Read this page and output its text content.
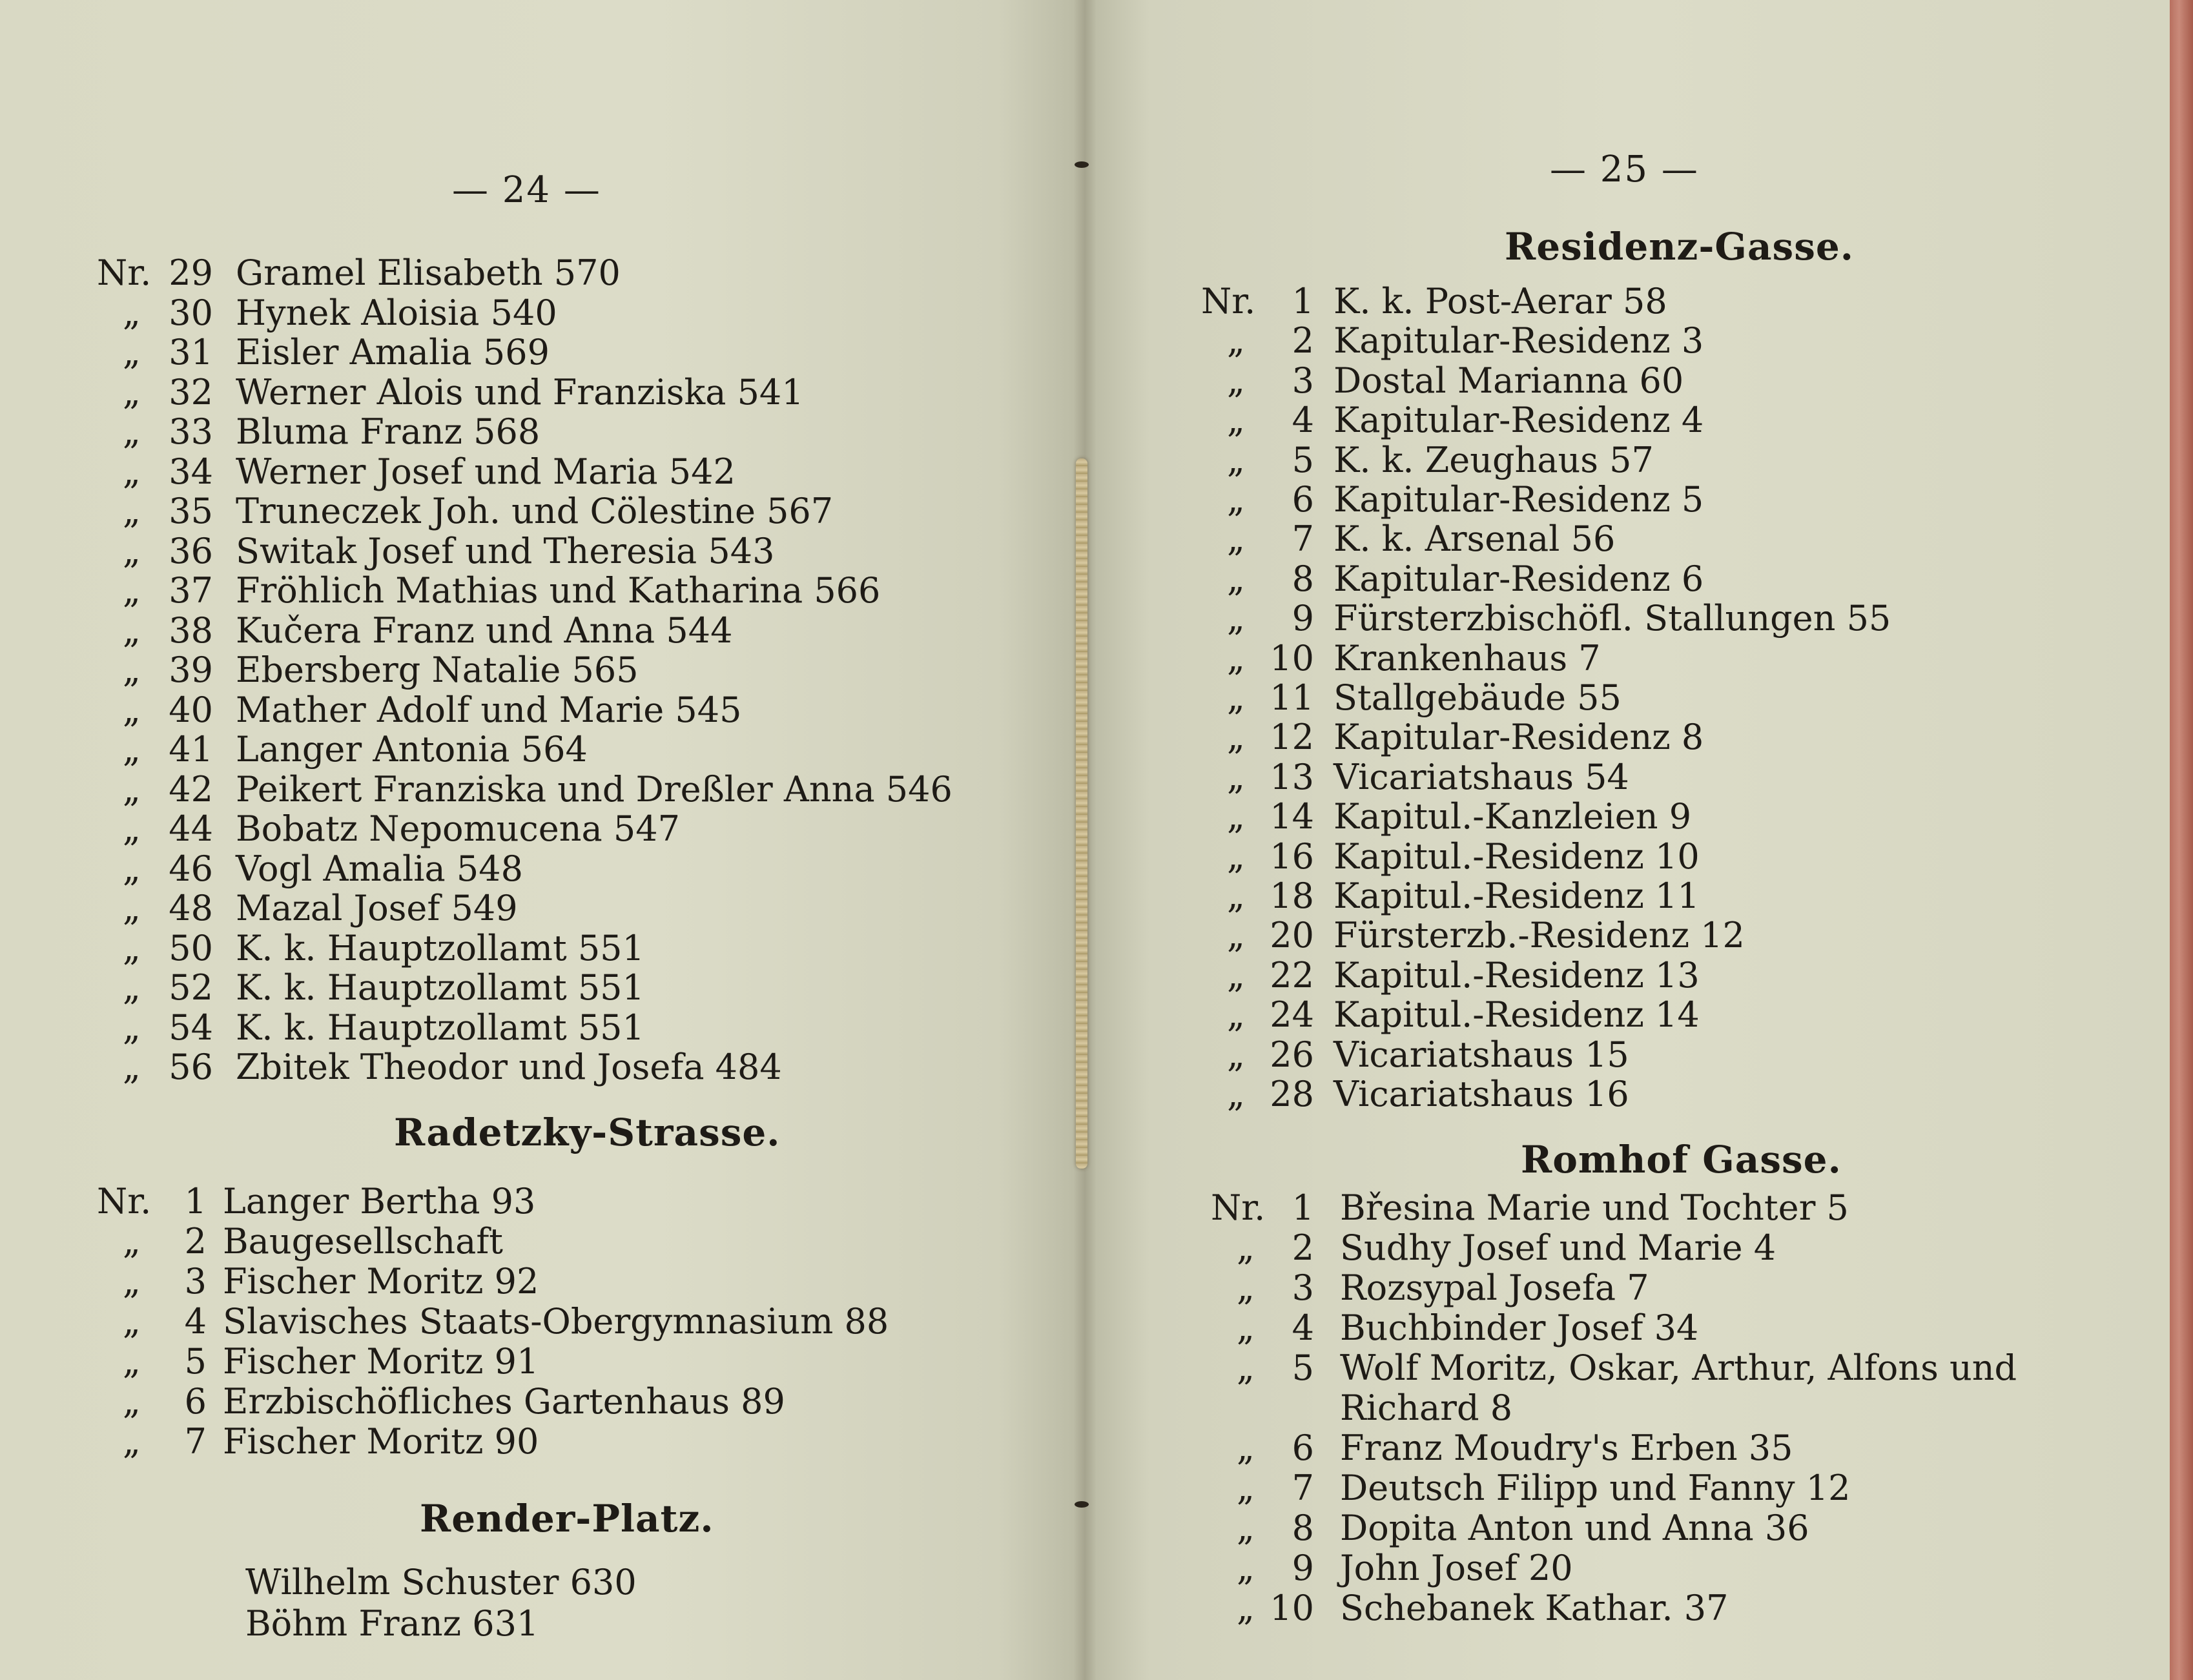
— 24 —
Nr. 29 Gramel Elisabeth 570
„ 30 Hynek Aloisia 540
„ 31 Eisler Amalia 569
„ 32 Werner Alois und Franziska 541
„ 33 Bluma Franz 568
„ 34 Werner Josef und Maria 542
„ 35 Truneczek Joh. und Cölestine 567
„ 36 Switak Josef und Theresia 543
„ 37 Fröhlich Mathias und Katharina 566
„ 38 Kučera Franz und Anna 544
„ 39 Ebersberg Natalie 565
„ 40 Mather Adolf und Marie 545
„ 41 Langer Antonia 564
„ 42 Peikert Franziska und Dreßler Anna 546
„ 44 Bobatz Nepomucena 547
„ 46 Vogl Amalia 548
„ 48 Mazal Josef 549
„ 50 K. k. Hauptzollamt 551
„ 52 K. k. Hauptzollamt 551
„ 54 K. k. Hauptzollamt 551
„ 56 Zbitek Theodor und Josefa 484
Radetzky-Strasse.
Nr. 1 Langer Bertha 93
„	2 Baugesellschaft
„	3 Fischer Moritz 92
„	4 Slavisches Staats-Obergymnasium 88
„	5 Fischer Moritz 91
„	6 Erzbischöfliches Gartenhaus 89
„	7 Fischer Moritz 90
Render-Platz.
Wilhelm Schuster 630
Böhm Franz 631
— 25 —
Residenz-Gasse.
Nr.	1 K. k. Post-Aerar 58
„	2 Kapitular-Residenz 3
„	3 Dostal Marianna 60
„	4 Kapitular-Residenz 4
„	5 K. k. Zeughaus 57
„	6 Kapitular-Residenz 5
„	7 K. k. Arsenal 56
„	8 Kapitular-Residenz 6
„	9 Fürsterzbischöfl. Stallungen 55
„ 10 Krankenhaus 7
„ 11 Stallgebäude 55
„ 12 Kapitular-Residenz 8
„ 13 Vicariatshaus 54
„ 14 Kapitul.-Kanzleien 9
„ 16 Kapitul.-Residenz 10
„ 18 Kapitul.-Residenz 11
„ 20 Fürsterzb.-Residenz 12
„ 22 Kapitul.-Residenz 13
„ 24 Kapitul.-Residenz 14
„ 26 Vicariatshaus 15
„ 28 Vicariatshaus 16
Romhof Gasse.
Nr. 1 Břesina Marie und Tochter 5
„	2 Sudhy Josef und Marie 4
„	3 Rozsypal Josefa 7
„	4 Buchbinder Josef 34
„	5 Wolf Moritz, Oskar, Arthur, Alfons und
Richard 8
„	6 Franz Moudry's Erben 35
„	7 Deutsch Filipp und Fanny 12
„	8 Dopita Anton und Anna 36
„	9 John Josef 20
„ 10 Schebanek Kathar. 37
